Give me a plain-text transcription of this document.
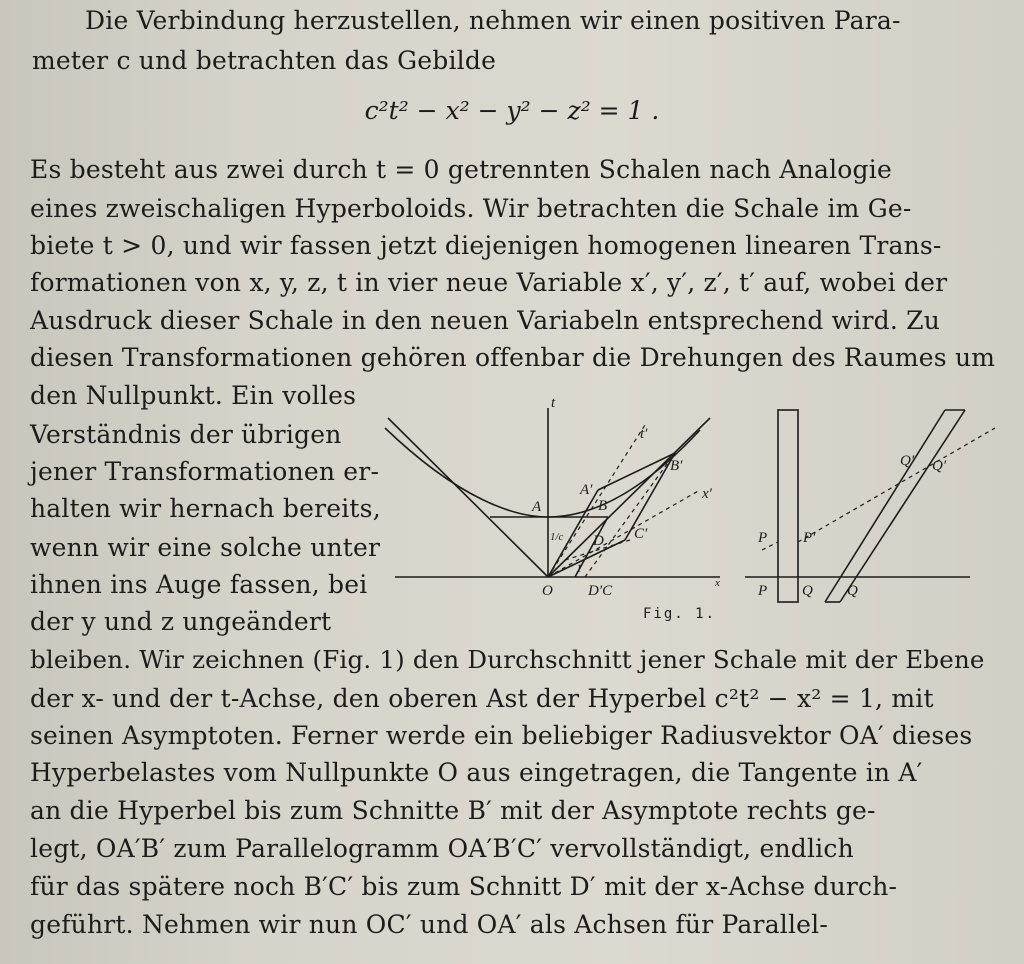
Die Verbindung herzustellen, nehmen wir einen positiven Para-
meter c und betrachten das Gebilde
c²t² − x² − y² − z² = 1 .
Es besteht aus zwei durch t = 0 getrennten Schalen nach Analogie
eines zweischaligen Hyperboloids. Wir betrachten die Schale im Ge-
biete t > 0, und wir fassen jetzt diejenigen homogenen linearen Trans-
formationen von x, y, z, t in vier neue Variable x′, y′, z′, t′ auf, wobei der
Ausdruck dieser Schale in den neuen Variabeln entsprechend wird. Zu
diesen Transformationen gehören offenbar die Drehungen des Raumes um
den Nullpunkt. Ein volles
Verständnis der übrigen
jener Transformationen er-
halten wir hernach bereits,
wenn wir eine solche unter
ihnen ins Auge fassen, bei
der y und z ungeändert
t
t′
A
A′
B
B′
x′
C′
D
1/c
1
O D′C	x
P P′
P Q Q
Q′ Q′
Fig. 1.
bleiben. Wir zeichnen (Fig. 1) den Durchschnitt jener Schale mit der Ebene
der x- und der t-Achse, den oberen Ast der Hyperbel c²t² − x² = 1, mit
seinen Asymptoten. Ferner werde ein beliebiger Radiusvektor OA′ dieses
Hyperbelastes vom Nullpunkte O aus eingetragen, die Tangente in A′
an die Hyperbel bis zum Schnitte B′ mit der Asymptote rechts ge-
legt, OA′B′ zum Parallelogramm OA′B′C′ vervollständigt, endlich
für das spätere noch B′C′ bis zum Schnitt D′ mit der x-Achse durch-
geführt. Nehmen wir nun OC′ und OA′ als Achsen für Parallel-
